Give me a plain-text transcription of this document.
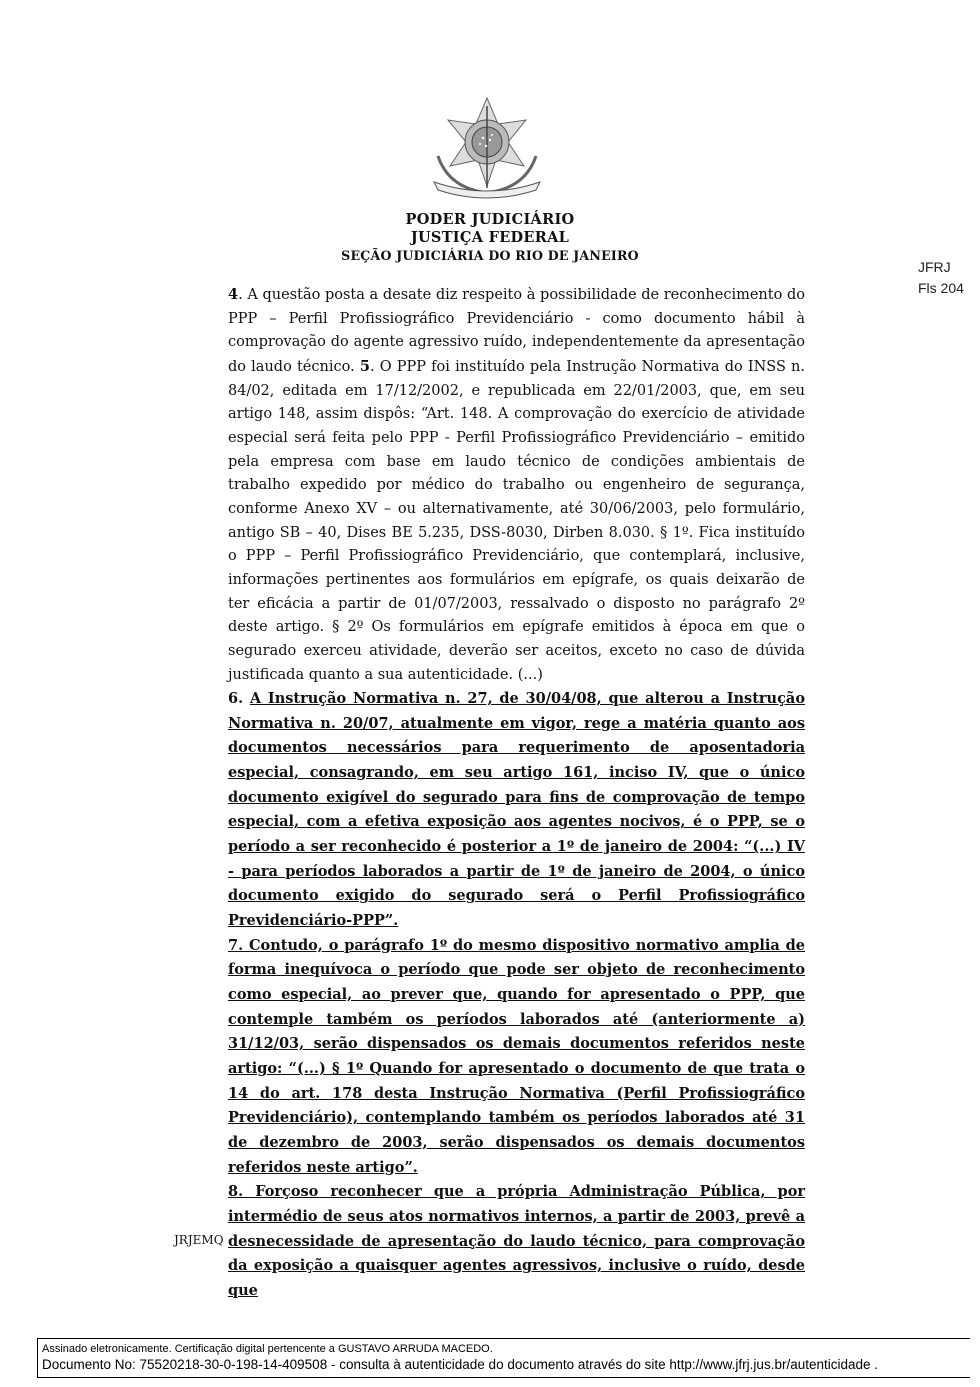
PODER JUDICIÁRIO
JUSTIÇA FEDERAL
SEÇÃO JUDICIÁRIA DO RIO DE JANEIRO
JFRJ
Fls 204

4. A questão posta a desate diz respeito à possibilidade de reconhecimento do PPP – Perfil Profissiográfico Previdenciário - como documento hábil à comprovação do agente agressivo ruído, independentemente da apresentação do laudo técnico. 5. O PPP foi instituído pela Instrução Normativa do INSS n. 84/02, editada em 17/12/2002, e republicada em 22/01/2003, que, em seu artigo 148, assim dispôs: “Art. 148. A comprovação do exercício de atividade especial será feita pelo PPP - Perfil Profissiográfico Previdenciário – emitido pela empresa com base em laudo técnico de condições ambientais de trabalho expedido por médico do trabalho ou engenheiro de segurança, conforme Anexo XV – ou alternativamente, até 30/06/2003, pelo formulário, antigo SB – 40, Dises BE 5.235, DSS-8030, Dirben 8.030. § 1º. Fica instituído o PPP – Perfil Profissiográfico Previdenciário, que contemplará, inclusive, informações pertinentes aos formulários em epígrafe, os quais deixarão de ter eficácia a partir de 01/07/2003, ressalvado o disposto no parágrafo 2º deste artigo. § 2º Os formulários em epígrafe emitidos à época em que o segurado exerceu atividade, deverão ser aceitos, exceto no caso de dúvida justificada quanto a sua autenticidade. (...)

6. A Instrução Normativa n. 27, de 30/04/08, que alterou a Instrução Normativa n. 20/07, atualmente em vigor, rege a matéria quanto aos documentos necessários para requerimento de aposentadoria especial, consagrando, em seu artigo 161, inciso IV, que o único documento exigível do segurado para fins de comprovação de tempo especial, com a efetiva exposição aos agentes nocivos, é o PPP, se o período a ser reconhecido é posterior a 1º de janeiro de 2004: “(...) IV - para períodos laborados a partir de 1º de janeiro de 2004, o único documento exigido do segurado será o Perfil Profissiográfico Previdenciário-PPP”.

7. Contudo, o parágrafo 1º do mesmo dispositivo normativo amplia de forma inequívoca o período que pode ser objeto de reconhecimento como especial, ao prever que, quando for apresentado o PPP, que contemple também os períodos laborados até (anteriormente a) 31/12/03, serão dispensados os demais documentos referidos neste artigo: “(...) § 1º Quando for apresentado o documento de que trata o 14 do art. 178 desta Instrução Normativa (Perfil Profissiográfico Previdenciário), contemplando também os períodos laborados até 31 de dezembro de 2003, serão dispensados os demais documentos referidos neste artigo”.

8. Forçoso reconhecer que a própria Administração Pública, por intermédio de seus atos normativos internos, a partir de 2003, prevê a desnecessidade de apresentação do laudo técnico, para comprovação da exposição a quaisquer agentes agressivos, inclusive o ruído, desde que

JRJEMQ
Assinado eletronicamente. Certificação digital pertencente a GUSTAVO ARRUDA MACEDO.
Documento No: 75520218-30-0-198-14-409508 - consulta à autenticidade do documento através do site http://www.jfrj.jus.br/autenticidade .
